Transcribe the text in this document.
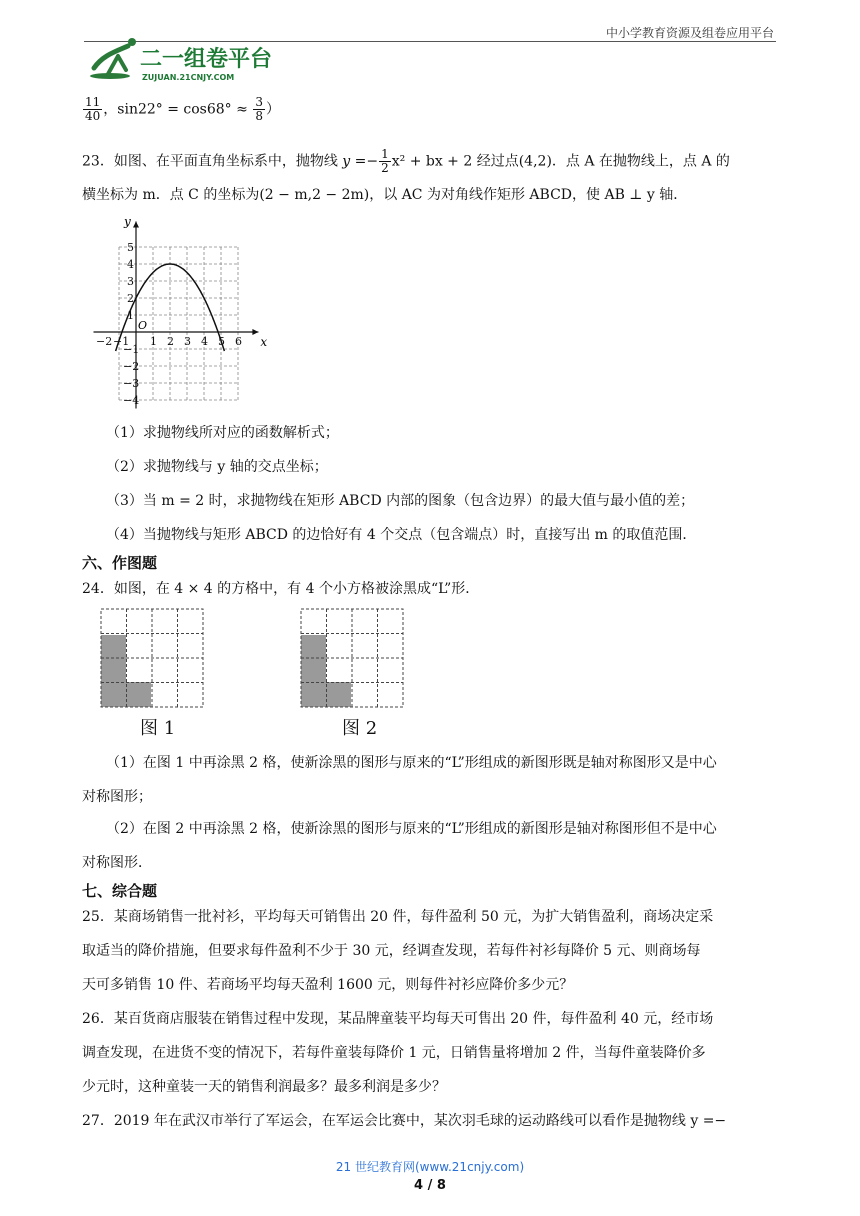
中小学教育资源及组卷应用平台
二一组卷平台
ZUJUAN.21CNJY.COM
$\frac{11}{40}$ ，$\sin 22^\circ = \cos 68^\circ \approx \frac{3}{8}$ ）
23．如图、在平面直角坐标系中，抛物线 $y =- \frac{1}{2} x^2$ + bx + 2 经过点(4,2)．点 A 在抛物线上，点 A 的
横坐标为 m．点 C 的坐标为(2 − m,2 − 2m)，以 AC 为对角线作矩形 ABCD，使 AB ⊥ y 轴．
−2 −1 1 2 3 4 5 6
5
4
3
2
1
−1
−2
−3
−4
O
x
y
（1）求抛物线所对应的函数解析式；
（2）求抛物线与 y 轴的交点坐标；
（3）当 m = 2 时，求抛物线在矩形 ABCD 内部的图象（包含边界）的最大值与最小值的差；
（4）当抛物线与矩形 ABCD 的边恰好有 4 个交点（包含端点）时，直接写出 m 的取值范围．
六、作图题
24．如图，在 4 × 4 的方格中，有 4 个小方格被涂黑成“L”形．
图 1	图 2
（1）在图 1 中再涂黑 2 格，使新涂黑的图形与原来的“L”形组成的新图形既是轴对称图形又是中心
对称图形；
（2）在图 2 中再涂黑 2 格，使新涂黑的图形与原来的“L”形组成的新图形是轴对称图形但不是中心
对称图形．
七、综合题
25．某商场销售一批衬衫，平均每天可销售出 20 件，每件盈利 50 元，为扩大销售盈利，商场决定采
取适当的降价措施，但要求每件盈利不少于 30 元，经调查发现，若每件衬衫每降价 5 元、则商场每
天可多销售 10 件、若商场平均每天盈利 1600 元，则每件衬衫应降价多少元？
26．某百货商店服装在销售过程中发现，某品牌童装平均每天可售出 20 件，每件盈利 40 元，经市场
调查发现，在进货不变的情况下，若每件童装每降价 1 元，日销售量将增加 2 件，当每件童装降价多
少元时，这种童装一天的销售利润最多？最多利润是多少？
27．2019 年在武汉市举行了军运会，在军运会比赛中，某次羽毛球的运动路线可以看作是抛物线 y =−
21 世纪教育网(www.21cnjy.com)
4 / 8
